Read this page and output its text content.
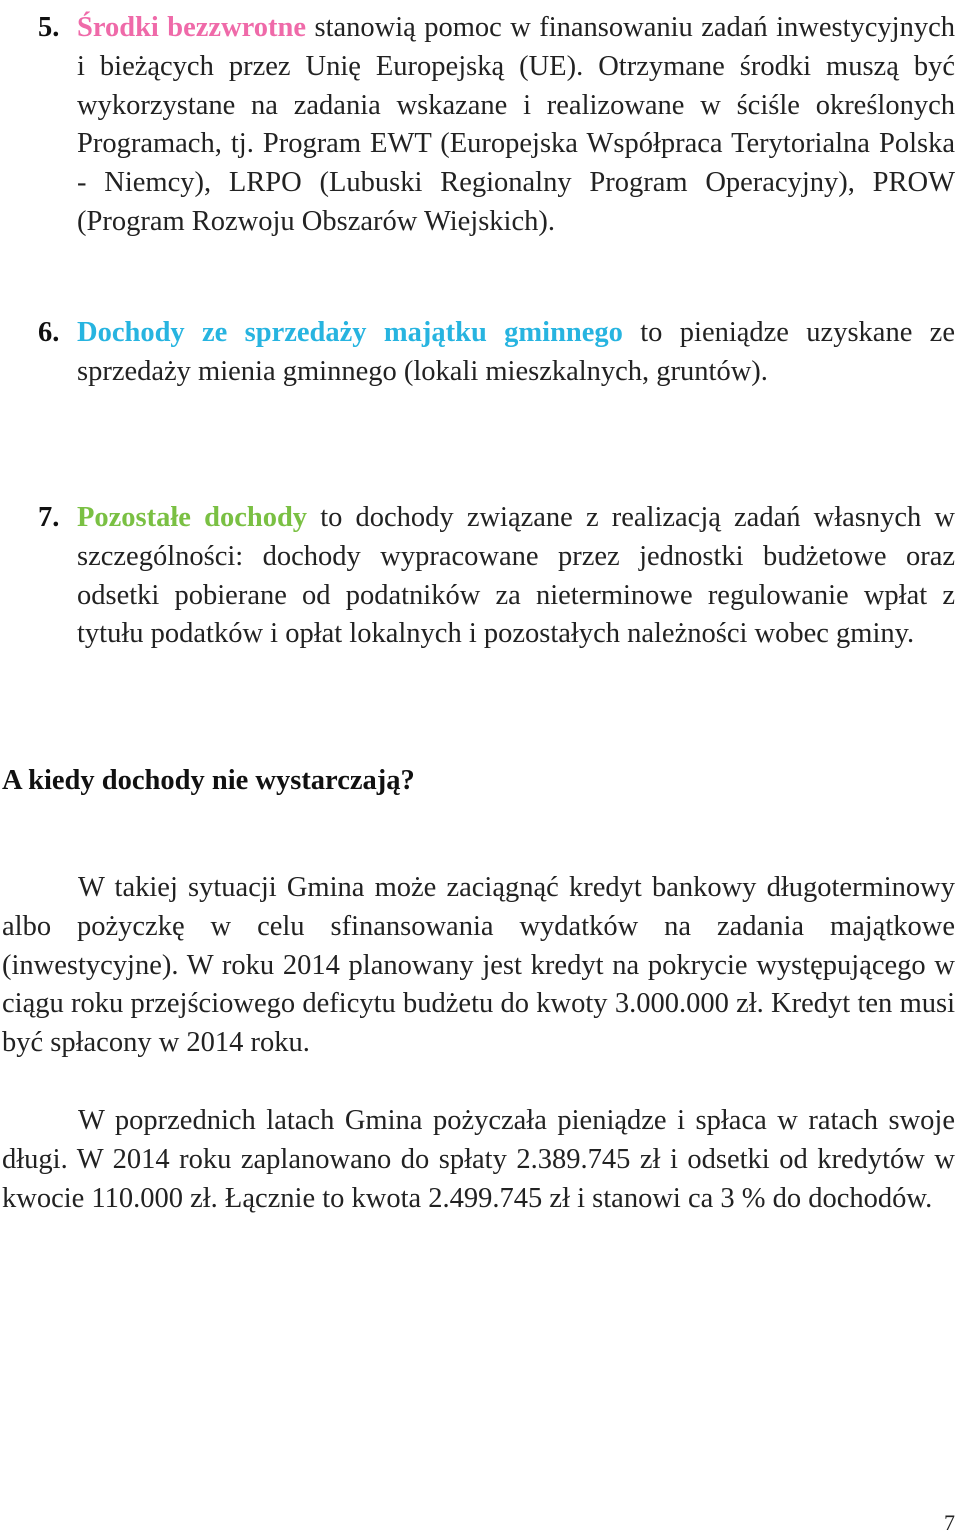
5. Środki bezzwrotne stanowią pomoc w finansowaniu zadań inwestycyjnych i bieżących przez Unię Europejską (UE). Otrzymane środki muszą być wykorzystane na zadania wskazane i realizowane w ściśle określonych Programach, tj. Program EWT (Europejska Współpraca Terytorialna Polska - Niemcy), LRPO (Lubuski Regionalny Program Operacyjny), PROW (Program Rozwoju Obszarów Wiejskich).
6. Dochody ze sprzedaży majątku gminnego to pieniądze uzyskane ze sprzedaży mienia gminnego (lokali mieszkalnych, gruntów).
7. Pozostałe dochody to dochody związane z realizacją zadań własnych w szczególności: dochody wypracowane przez jednostki budżetowe oraz odsetki pobierane od podatników za nieterminowe regulowanie wpłat z tytułu podatków i opłat lokalnych i pozostałych należności wobec gminy.
A kiedy dochody nie wystarczają?

W takiej sytuacji Gmina może zaciągnąć kredyt bankowy długoterminowy albo pożyczkę w celu sfinansowania wydatków na zadania majątkowe (inwestycyjne). W roku 2014 planowany jest kredyt na pokrycie występującego w ciągu roku przejściowego deficytu budżetu do kwoty 3.000.000 zł. Kredyt ten musi być spłacony w 2014 roku.

W poprzednich latach Gmina pożyczała pieniądze i spłaca w ratach swoje długi. W 2014 roku zaplanowano do spłaty 2.389.745 zł i odsetki od kredytów w kwocie 110.000 zł. Łącznie to kwota 2.499.745 zł i stanowi ca 3 % do dochodów.

7
